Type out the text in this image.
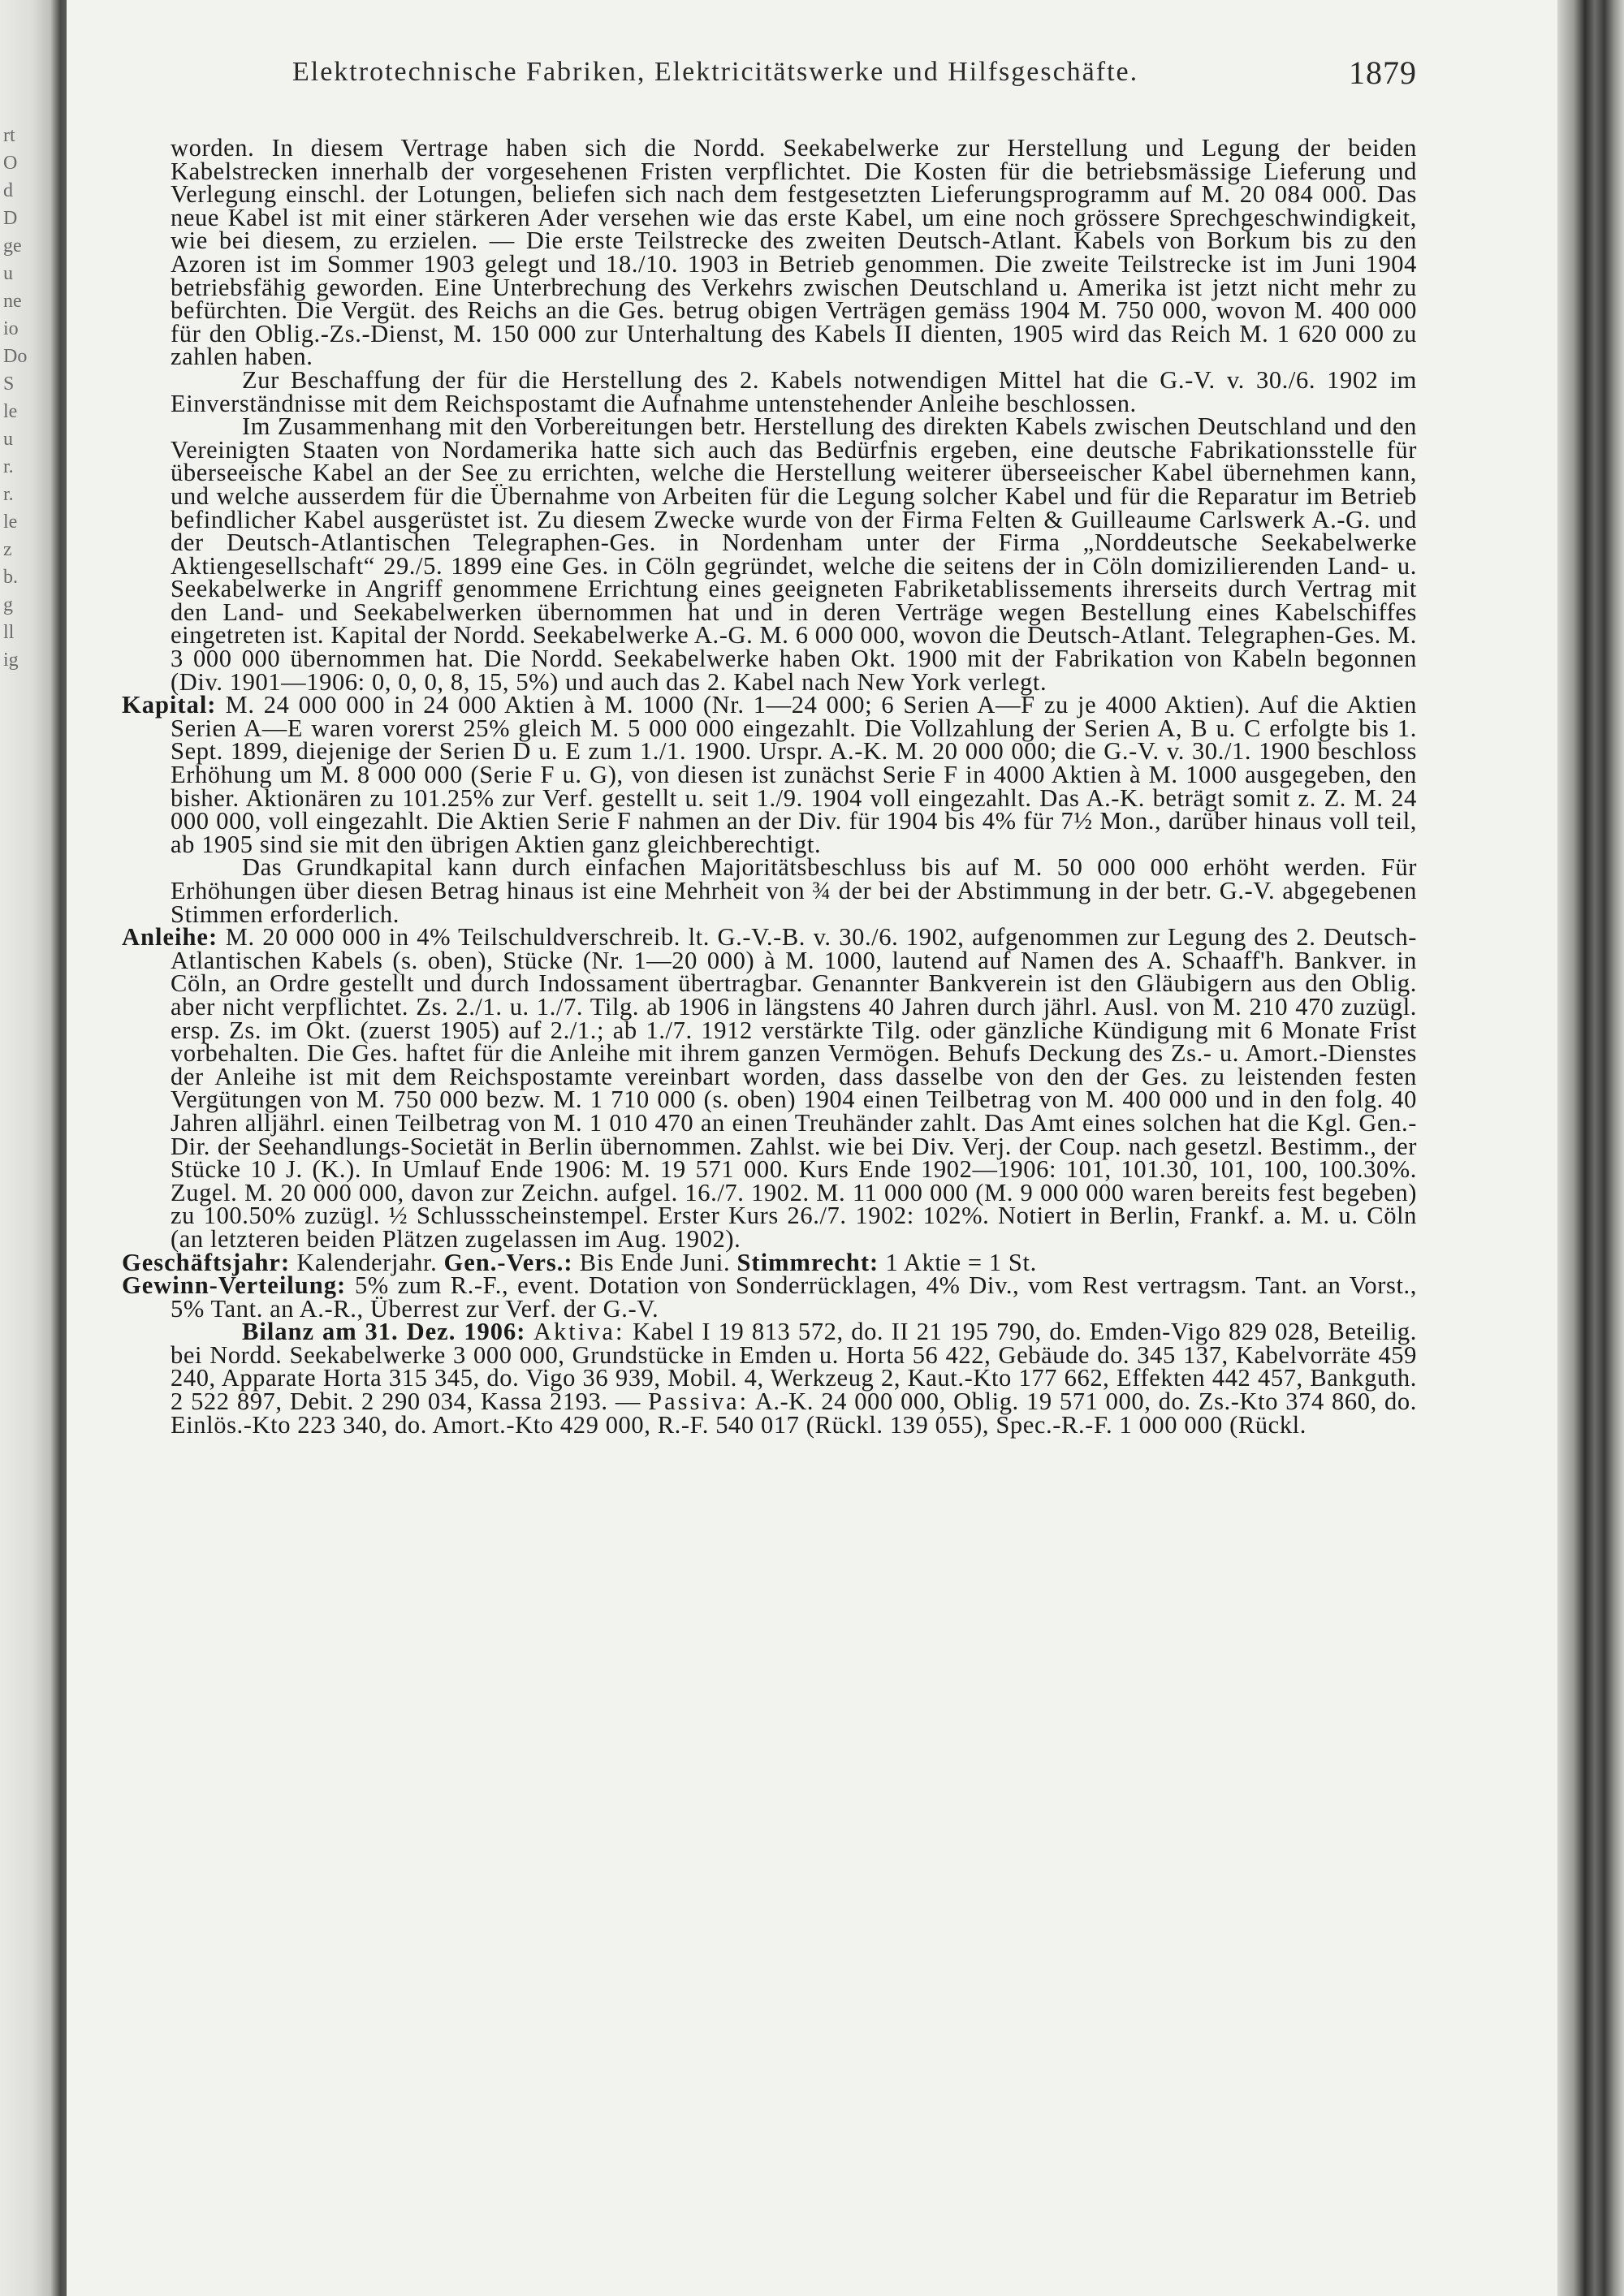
rt
O
d
D
ge
u
ne
io
Do
S
le
u
r.
r.
le
z
b.
g
ll
ig
Elektrotechnische Fabriken, Elektricitätswerke und Hilfsgeschäfte.	1879

worden. In diesem Vertrage haben sich die Nordd. Seekabelwerke zur Herstellung und Legung der beiden Kabelstrecken innerhalb der vorgesehenen Fristen verpflichtet. Die Kosten für die betriebsmässige Lieferung und Verlegung einschl. der Lotungen, beliefen sich nach dem festgesetzten Lieferungsprogramm auf M. 20 084 000. Das neue Kabel ist mit einer stärkeren Ader versehen wie das erste Kabel, um eine noch grössere Sprechgeschwindigkeit, wie bei diesem, zu erzielen. — Die erste Teilstrecke des zweiten Deutsch-Atlant. Kabels von Borkum bis zu den Azoren ist im Sommer 1903 gelegt und 18./10. 1903 in Betrieb genommen. Die zweite Teilstrecke ist im Juni 1904 betriebsfähig geworden. Eine Unterbrechung des Verkehrs zwischen Deutschland u. Amerika ist jetzt nicht mehr zu befürchten. Die Vergüt. des Reichs an die Ges. betrug obigen Verträgen gemäss 1904 M. 750 000, wovon M. 400 000 für den Oblig.-Zs.-Dienst, M. 150 000 zur Unterhaltung des Kabels II dienten, 1905 wird das Reich M. 1 620 000 zu zahlen haben.

Zur Beschaffung der für die Herstellung des 2. Kabels notwendigen Mittel hat die G.-V. v. 30./6. 1902 im Einverständnisse mit dem Reichspostamt die Aufnahme untenstehender Anleihe beschlossen.

Im Zusammenhang mit den Vorbereitungen betr. Herstellung des direkten Kabels zwischen Deutschland und den Vereinigten Staaten von Nordamerika hatte sich auch das Bedürfnis ergeben, eine deutsche Fabrikationsstelle für überseeische Kabel an der See zu errichten, welche die Herstellung weiterer überseeischer Kabel übernehmen kann, und welche ausserdem für die Übernahme von Arbeiten für die Legung solcher Kabel und für die Reparatur im Betrieb befindlicher Kabel ausgerüstet ist. Zu diesem Zwecke wurde von der Firma Felten & Guilleaume Carlswerk A.-G. und der Deutsch-Atlantischen Telegraphen-Ges. in Nordenham unter der Firma „Norddeutsche Seekabelwerke Aktiengesellschaft“ 29./5. 1899 eine Ges. in Cöln gegründet, welche die seitens der in Cöln domizilierenden Land- u. Seekabelwerke in Angriff genommene Errichtung eines geeigneten Fabriketablissements ihrerseits durch Vertrag mit den Land- und Seekabelwerken übernommen hat und in deren Verträge wegen Bestellung eines Kabelschiffes eingetreten ist. Kapital der Nordd. Seekabelwerke A.-G. M. 6 000 000, wovon die Deutsch-Atlant. Telegraphen-Ges. M. 3 000 000 übernommen hat. Die Nordd. Seekabelwerke haben Okt. 1900 mit der Fabrikation von Kabeln begonnen (Div. 1901—1906: 0, 0, 0, 8, 15, 5%) und auch das 2. Kabel nach New York verlegt.

Kapital: M. 24 000 000 in 24 000 Aktien à M. 1000 (Nr. 1—24 000; 6 Serien A—F zu je 4000 Aktien). Auf die Aktien Serien A—E waren vorerst 25% gleich M. 5 000 000 eingezahlt. Die Vollzahlung der Serien A, B u. C erfolgte bis 1. Sept. 1899, diejenige der Serien D u. E zum 1./1. 1900. Urspr. A.-K. M. 20 000 000; die G.-V. v. 30./1. 1900 beschloss Erhöhung um M. 8 000 000 (Serie F u. G), von diesen ist zunächst Serie F in 4000 Aktien à M. 1000 ausgegeben, den bisher. Aktionären zu 101.25% zur Verf. gestellt u. seit 1./9. 1904 voll eingezahlt. Das A.-K. beträgt somit z. Z. M. 24 000 000, voll eingezahlt. Die Aktien Serie F nahmen an der Div. für 1904 bis 4% für 7½ Mon., darüber hinaus voll teil, ab 1905 sind sie mit den übrigen Aktien ganz gleichberechtigt.

Das Grundkapital kann durch einfachen Majoritätsbeschluss bis auf M. 50 000 000 erhöht werden. Für Erhöhungen über diesen Betrag hinaus ist eine Mehrheit von ¾ der bei der Abstimmung in der betr. G.-V. abgegebenen Stimmen erforderlich.

Anleihe: M. 20 000 000 in 4% Teilschuldverschreib. lt. G.-V.-B. v. 30./6. 1902, aufgenommen zur Legung des 2. Deutsch-Atlantischen Kabels (s. oben), Stücke (Nr. 1—20 000) à M. 1000, lautend auf Namen des A. Schaaff'h. Bankver. in Cöln, an Ordre gestellt und durch Indossament übertragbar. Genannter Bankverein ist den Gläubigern aus den Oblig. aber nicht verpflichtet. Zs. 2./1. u. 1./7. Tilg. ab 1906 in längstens 40 Jahren durch jährl. Ausl. von M. 210 470 zuzügl. ersp. Zs. im Okt. (zuerst 1905) auf 2./1.; ab 1./7. 1912 verstärkte Tilg. oder gänzliche Kündigung mit 6 Monate Frist vorbehalten. Die Ges. haftet für die Anleihe mit ihrem ganzen Vermögen. Behufs Deckung des Zs.- u. Amort.-Dienstes der Anleihe ist mit dem Reichspostamte vereinbart worden, dass dasselbe von den der Ges. zu leistenden festen Vergütungen von M. 750 000 bezw. M. 1 710 000 (s. oben) 1904 einen Teilbetrag von M. 400 000 und in den folg. 40 Jahren alljährl. einen Teilbetrag von M. 1 010 470 an einen Treuhänder zahlt. Das Amt eines solchen hat die Kgl. Gen.-Dir. der Seehandlungs-Societät in Berlin übernommen. Zahlst. wie bei Div. Verj. der Coup. nach gesetzl. Bestimm., der Stücke 10 J. (K.). In Umlauf Ende 1906: M. 19 571 000. Kurs Ende 1902—1906: 101, 101.30, 101, 100, 100.30%. Zugel. M. 20 000 000, davon zur Zeichn. aufgel. 16./7. 1902. M. 11 000 000 (M. 9 000 000 waren bereits fest begeben) zu 100.50% zuzügl. ½ Schlussscheinstempel. Erster Kurs 26./7. 1902: 102%. Notiert in Berlin, Frankf. a. M. u. Cöln (an letzteren beiden Plätzen zugelassen im Aug. 1902).

Geschäftsjahr: Kalenderjahr. Gen.-Vers.: Bis Ende Juni. Stimmrecht: 1 Aktie = 1 St.

Gewinn-Verteilung: 5% zum R.-F., event. Dotation von Sonderrücklagen, 4% Div., vom Rest vertragsm. Tant. an Vorst., 5% Tant. an A.-R., Überrest zur Verf. der G.-V.

Bilanz am 31. Dez. 1906: Aktiva: Kabel I 19 813 572, do. II 21 195 790, do. Emden-Vigo 829 028, Beteilig. bei Nordd. Seekabelwerke 3 000 000, Grundstücke in Emden u. Horta 56 422, Gebäude do. 345 137, Kabelvorräte 459 240, Apparate Horta 315 345, do. Vigo 36 939, Mobil. 4, Werkzeug 2, Kaut.-Kto 177 662, Effekten 442 457, Bankguth. 2 522 897, Debit. 2 290 034, Kassa 2193. — Passiva: A.-K. 24 000 000, Oblig. 19 571 000, do. Zs.-Kto 374 860, do. Einlös.-Kto 223 340, do. Amort.-Kto 429 000, R.-F. 540 017 (Rückl. 139 055), Spec.-R.-F. 1 000 000 (Rückl.
